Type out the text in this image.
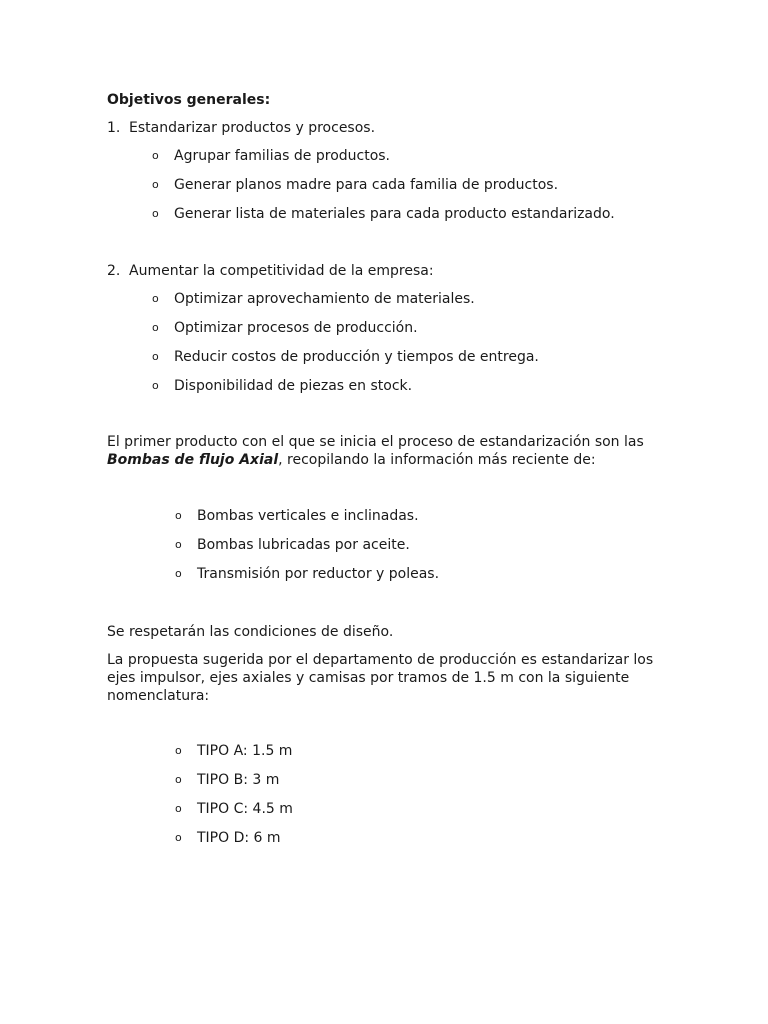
Objetivos generales:
1. Estandarizar productos y procesos.
o Agrupar familias de productos.
o Generar planos madre para cada familia de productos.
o Generar lista de materiales para cada producto estandarizado.
2. Aumentar la competitividad de la empresa:
o Optimizar aprovechamiento de materiales.
o Optimizar procesos de producción.
o Reducir costos de producción y tiempos de entrega.
o Disponibilidad de piezas en stock.
El primer producto con el que se inicia el proceso de estandarización son las
Bombas de flujo Axial, recopilando la información más reciente de:
o Bombas verticales e inclinadas.
o Bombas lubricadas por aceite.
o Transmisión por reductor y poleas.
Se respetarán las condiciones de diseño.
La propuesta sugerida por el departamento de producción es estandarizar los
ejes impulsor, ejes axiales y camisas por tramos de 1.5 m con la siguiente
nomenclatura:
o TIPO A: 1.5 m
o TIPO B: 3 m
o TIPO C: 4.5 m
o TIPO D: 6 m
